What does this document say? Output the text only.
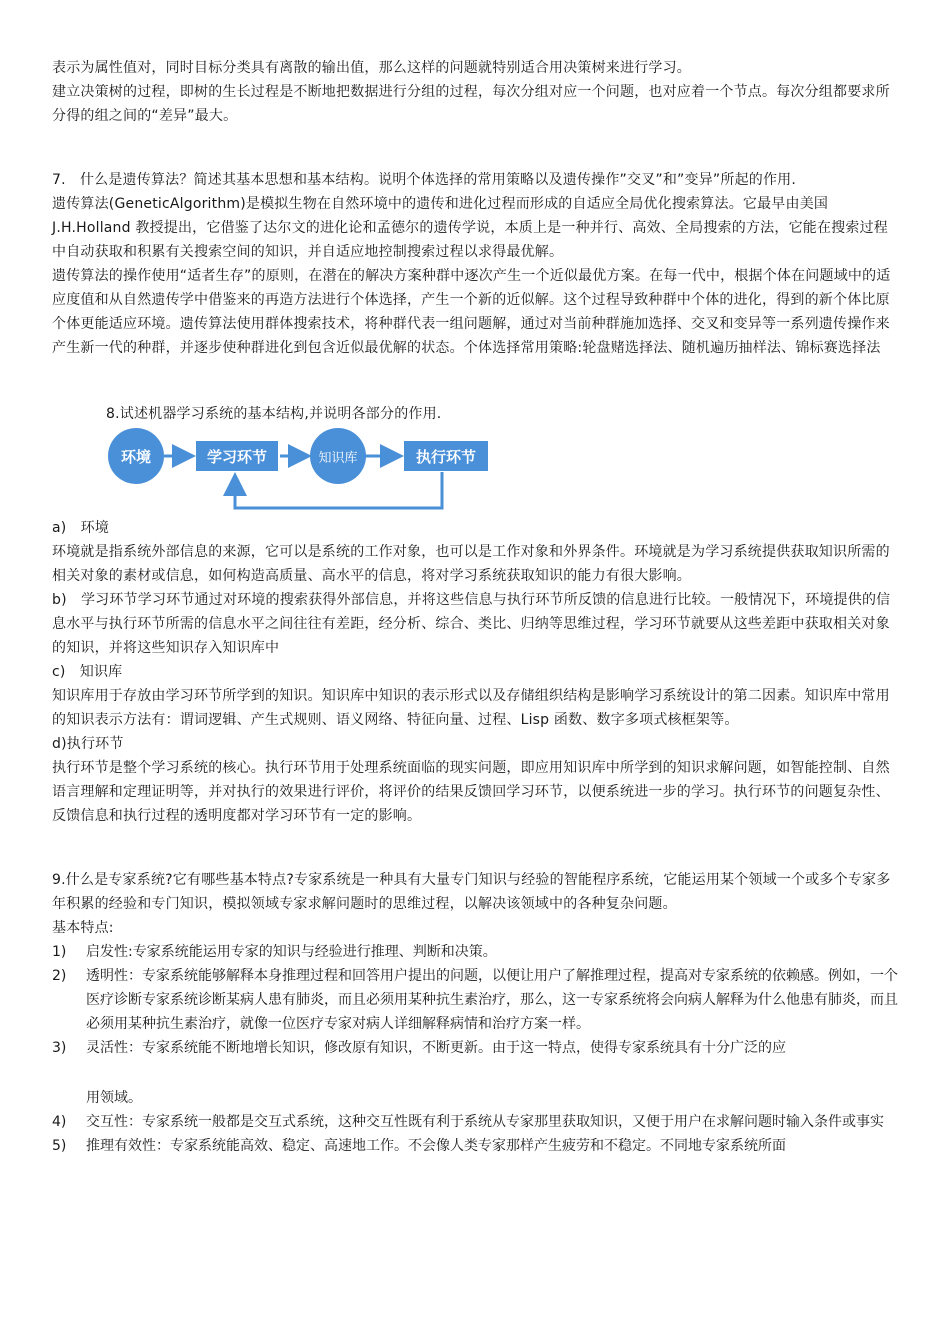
表示为属性值对，同时目标分类具有离散的输出值，那么这样的问题就特别适合用决策树来进行学习。

建立决策树的过程，即树的生长过程是不断地把数据进行分组的过程，每次分组对应一个问题，也对应着一个节点。每次分组都要求所分得的组之间的“差异”最大。

7.　什么是遗传算法？简述其基本思想和基本结构。说明个体选择的常用策略以及遗传操作”交叉”和”变异”所起的作用.

遗传算法(GeneticAlgorithm)是模拟生物在自然环境中的遗传和进化过程而形成的自适应全局优化搜索算法。它最早由美国 J.H.Holland 教授提出，它借鉴了达尔文的进化论和孟德尔的遗传学说，本质上是一种并行、高效、全局搜索的方法，它能在搜索过程中自动获取和积累有关搜索空间的知识，并自适应地控制搜索过程以求得最优解。

遗传算法的操作使用“适者生存”的原则，在潜在的解决方案种群中逐次产生一个近似最优方案。在每一代中，根据个体在问题域中的适应度值和从自然遗传学中借鉴来的再造方法进行个体选择，产生一个新的近似解。这个过程导致种群中个体的进化，得到的新个体比原个体更能适应环境。遗传算法使用群体搜索技术，将种群代表一组问题解，通过对当前种群施加选择、交叉和变异等一系列遗传操作来产生新一代的种群，并逐步使种群进化到包含近似最优解的状态。个体选择常用策略:轮盘赌选择法、随机遍历抽样法、锦标赛选择法

8.试述机器学习系统的基本结构,并说明各部分的作用.

环境	学习环节	知识库	执行环节

a)　环境

环境就是指系统外部信息的来源，它可以是系统的工作对象，也可以是工作对象和外界条件。环境就是为学习系统提供获取知识所需的相关对象的素材或信息，如何构造高质量、高水平的信息，将对学习系统获取知识的能力有很大影响。

b)　学习环节学习环节通过对环境的搜索获得外部信息，并将这些信息与执行环节所反馈的信息进行比较。一般情况下，环境提供的信息水平与执行环节所需的信息水平之间往往有差距，经分析、综合、类比、归纳等思维过程，学习环节就要从这些差距中获取相关对象的知识，并将这些知识存入知识库中

c)　知识库

知识库用于存放由学习环节所学到的知识。知识库中知识的表示形式以及存储组织结构是影响学习系统设计的第二因素。知识库中常用的知识表示方法有：谓词逻辑、产生式规则、语义网络、特征向量、过程、Lisp 函数、数字多项式核框架等。

d)执行环节

执行环节是整个学习系统的核心。执行环节用于处理系统面临的现实问题，即应用知识库中所学到的知识求解问题，如智能控制、自然语言理解和定理证明等，并对执行的效果进行评价，将评价的结果反馈回学习环节，以便系统进一步的学习。执行环节的问题复杂性、反馈信息和执行过程的透明度都对学习环节有一定的影响。

9.什么是专家系统?它有哪些基本特点?专家系统是一种具有大量专门知识与经验的智能程序系统，它能运用某个领域一个或多个专家多年积累的经验和专门知识，模拟领域专家求解问题时的思维过程，以解决该领域中的各种复杂问题。

基本特点:

1)	启发性:专家系统能运用专家的知识与经验进行推理、判断和决策。
2)	透明性：专家系统能够解释本身推理过程和回答用户提出的问题，以便让用户了解推理过程，提高对专家系统的依赖感。例如，一个医疗诊断专家系统诊断某病人患有肺炎，而且必须用某种抗生素治疗，那么，这一专家系统将会向病人解释为什么他患有肺炎，而且必须用某种抗生素治疗，就像一位医疗专家对病人详细解释病情和治疗方案一样。
3)	灵活性：专家系统能不断地增长知识，修改原有知识，不断更新。由于这一特点，使得专家系统具有十分广泛的应
用领域。
4)	交互性：专家系统一般都是交互式系统，这种交互性既有利于系统从专家那里获取知识，又便于用户在求解问题时输入条件或事实
5)	推理有效性：专家系统能高效、稳定、高速地工作。不会像人类专家那样产生疲劳和不稳定。不同地专家系统所面
